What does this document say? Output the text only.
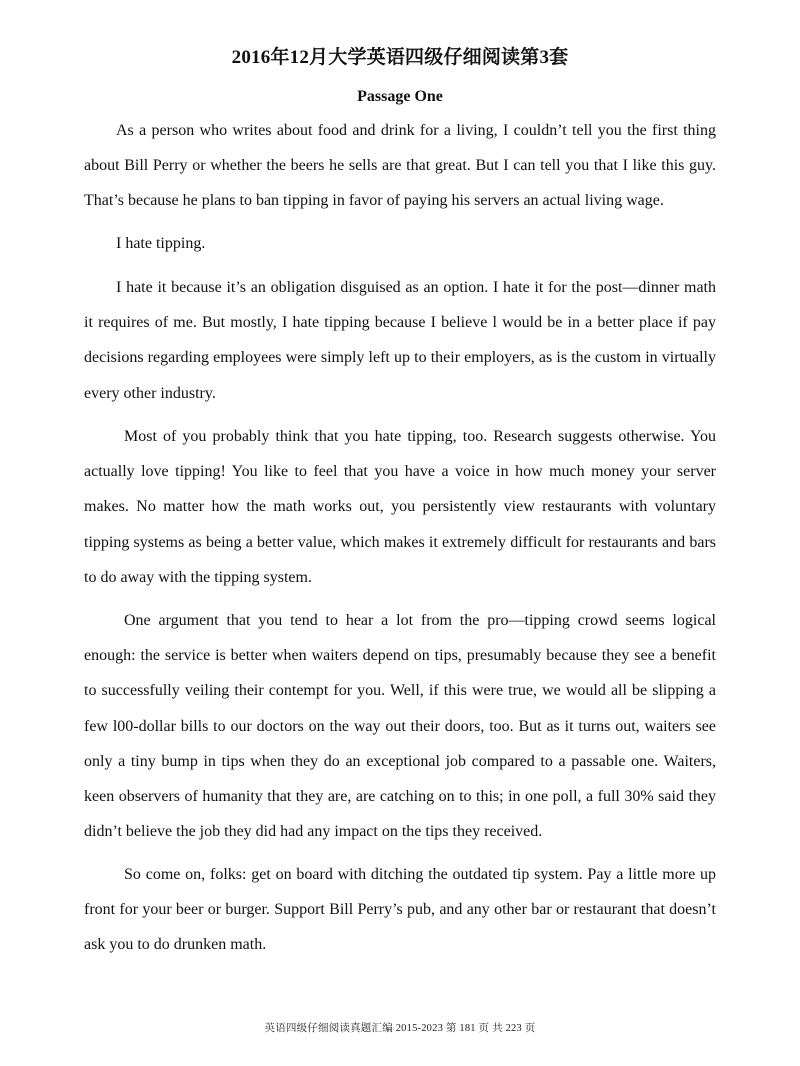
2016年12月大学英语四级仔细阅读第3套
Passage One

As a person who writes about food and drink for a living, I couldn’t tell you the first thing about Bill Perry or whether the beers he sells are that great. But I can tell you that I like this guy. That’s because he plans to ban tipping in favor of paying his servers an actual living wage.

I hate tipping.

I hate it because it’s an obligation disguised as an option. I hate it for the post—dinner math it requires of me. But mostly, I hate tipping because I believe l would be in a better place if pay decisions regarding employees were simply left up to their employers, as is the custom in virtually every other industry.

Most of you probably think that you hate tipping, too. Research suggests otherwise. You actually love tipping! You like to feel that you have a voice in how much money your server makes. No matter how the math works out, you persistently view restaurants with voluntary tipping systems as being a better value, which makes it extremely difficult for restaurants and bars to do away with the tipping system.

One argument that you tend to hear a lot from the pro—tipping crowd seems logical enough: the service is better when waiters depend on tips, presumably because they see a benefit to successfully veiling their contempt for you. Well, if this were true, we would all be slipping a few l00-dollar bills to our doctors on the way out their doors, too. But as it turns out, waiters see only a tiny bump in tips when they do an exceptional job compared to a passable one. Waiters, keen observers of humanity that they are, are catching on to this; in one poll, a full 30% said they didn’t believe the job they did had any impact on the tips they received.

So come on, folks: get on board with ditching the outdated tip system. Pay a little more up front for your beer or burger. Support Bill Perry’s pub, and any other bar or restaurant that doesn’t ask you to do drunken math.

英语四级仔细阅读真题汇编 2015-2023 第 181 页 共 223 页
